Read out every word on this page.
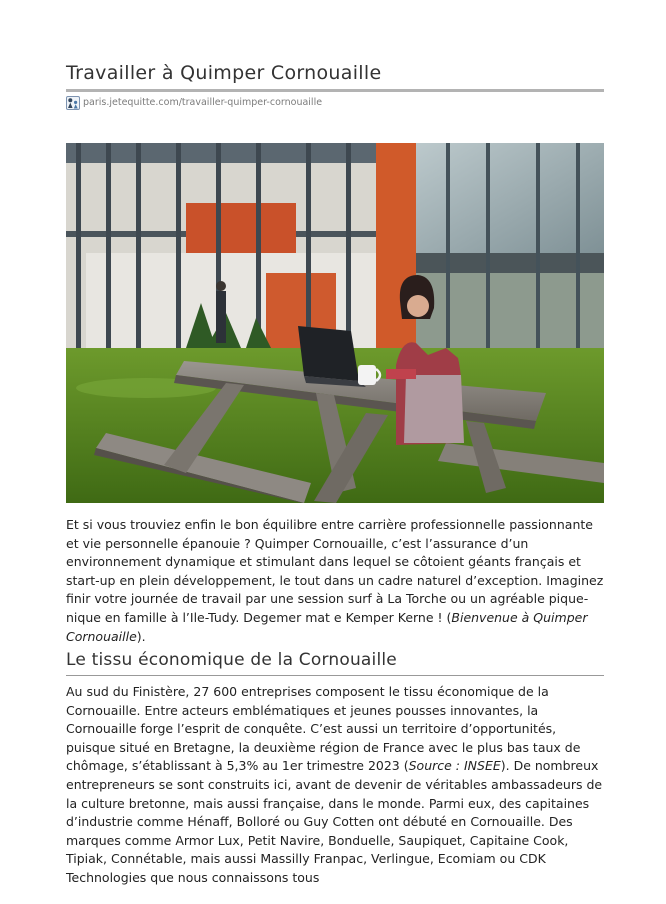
Travailler à Quimper Cornouaille
paris.jetequitte.com/travailler-quimper-cornouaille

Et si vous trouviez enfin le bon équilibre entre carrière professionnelle passionnante et vie personnelle épanouie ? Quimper Cornouaille, c’est l’assurance d’un environnement dynamique et stimulant dans lequel se côtoient géants français et start-up en plein développement, le tout dans un cadre naturel d’exception. Imaginez finir votre journée de travail par une session surf à La Torche ou un agréable pique-nique en famille à l’Ile-Tudy. Degemer mat e Kemper Kerne ! (Bienvenue à Quimper Cornouaille).

Le tissu économique de la Cornouaille

Au sud du Finistère, 27 600 entreprises composent le tissu économique de la Cornouaille. Entre acteurs emblématiques et jeunes pousses innovantes, la Cornouaille forge l’esprit de conquête. C’est aussi un territoire d’opportunités, puisque situé en Bretagne, la deuxième région de France avec le plus bas taux de chômage, s’établissant à 5,3% au 1er trimestre 2023 (Source : INSEE). De nombreux entrepreneurs se sont construits ici, avant de devenir de véritables ambassadeurs de la culture bretonne, mais aussi française, dans le monde. Parmi eux, des capitaines d’industrie comme Hénaff, Bolloré ou Guy Cotten ont débuté en Cornouaille. Des marques comme Armor Lux, Petit Navire, Bonduelle, Saupiquet, Capitaine Cook, Tipiak, Connétable, mais aussi Massilly Franpac, Verlingue, Ecomiam ou CDK Technologies que nous connaissons tous
